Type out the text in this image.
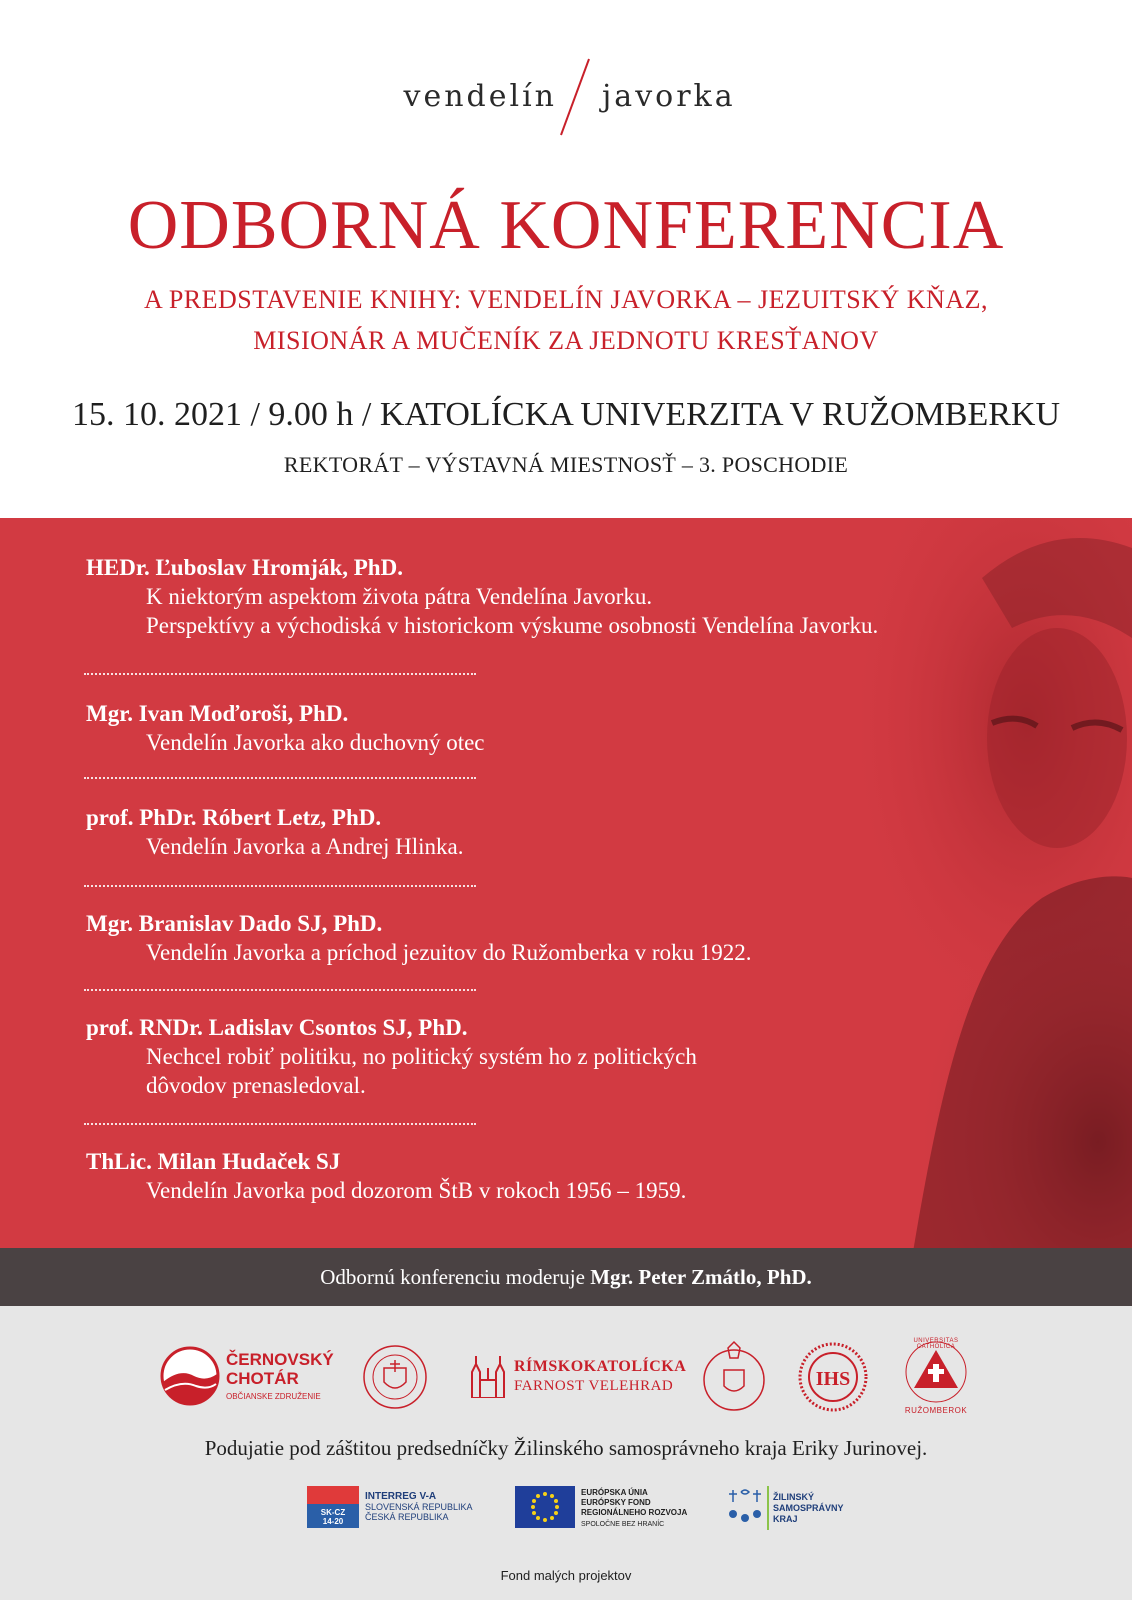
vendelín javorka
ODBORNÁ KONFERENCIA
A PREDSTAVENIE KNIHY: VENDELÍN JAVORKA – JEZUITSKÝ KŇAZ,
MISIONÁR A MUČENÍK ZA JEDNOTU KRESŤANOV
15. 10. 2021 / 9.00 h / KATOLÍCKA UNIVERZITA V RUŽOMBERKU
REKTORÁT – VÝSTAVNÁ MIESTNOSŤ – 3. POSCHODIE
HEDr. Ľuboslav Hromják, PhD.
K niektorým aspektom života pátra Vendelína Javorku.
Perspektívy a východiská v historickom výskume osobnosti Vendelína Javorku.
Mgr. Ivan Moďoroši, PhD.
Vendelín Javorka ako duchovný otec
prof. PhDr. Róbert Letz, PhD.
Vendelín Javorka a Andrej Hlinka.
Mgr. Branislav Dado SJ, PhD.
Vendelín Javorka a príchod jezuitov do Ružomberka v roku 1922.
prof. RNDr. Ladislav Csontos SJ, PhD.
Nechcel robiť politiku, no politický systém ho z politických
dôvodov prenasledoval.
ThLic. Milan Hudaček SJ
Vendelín Javorka pod dozorom ŠtB v rokoch 1956 – 1959.
Odbornú konferenciu moderuje Mgr. Peter Zmátlo, PhD.
ČERNOVSKÝ
CHOTÁR
OBČIANSKE ZDRUŽENIE
RÍMSKOKATOLÍCKA
FARNOST VELEHRAD	IHS
RUŽOMBEROK
UNIVERSITAS CATHOLICA
Podujatie pod záštitou predsedníčky Žilinského samosprávneho kraja Eriky Jurinovej.
SK-CZ
14-20
INTERREG V-A
SLOVENSKÁ REPUBLIKA
ČESKÁ REPUBLIKA
EURÓPSKA ÚNIA
EURÓPSKY FOND
REGIONÁLNEHO ROZVOJA
SPOLOČNE BEZ HRANÍC
ŽILINSKÝ
SAMOSPRÁVNY
KRAJ
Fond malých projektov
